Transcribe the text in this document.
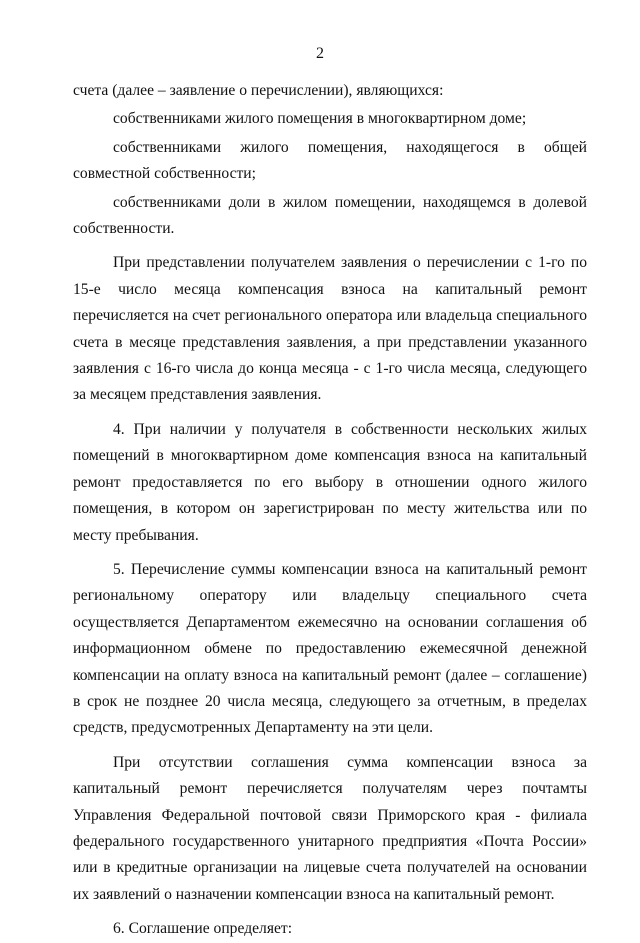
2

счета (далее – заявление о перечислении), являющихся:

собственниками жилого помещения в многоквартирном доме;

собственниками жилого помещения, находящегося в общей совместной собственности;

собственниками доли в жилом помещении, находящемся в долевой собственности.

При представлении получателем заявления о перечислении с 1-го по 15-е число месяца компенсация взноса на капитальный ремонт перечисляется на счет регионального оператора или владельца специального счета в месяце представления заявления, а при представлении указанного заявления с 16-го числа до конца месяца - с 1-го числа месяца, следующего за месяцем представления заявления.

4. При наличии у получателя в собственности нескольких жилых помещений в многоквартирном доме компенсация взноса на капитальный ремонт предоставляется по его выбору в отношении одного жилого помещения, в котором он зарегистрирован по месту жительства или по месту пребывания.

5. Перечисление суммы компенсации взноса на капитальный ремонт региональному оператору или владельцу специального счета осуществляется Департаментом ежемесячно на основании соглашения об информационном обмене по предоставлению ежемесячной денежной компенсации на оплату взноса на капитальный ремонт (далее – соглашение) в срок не позднее 20 числа месяца, следующего за отчетным, в пределах средств, предусмотренных Департаменту на эти цели.

При отсутствии соглашения сумма компенсации взноса за капитальный ремонт перечисляется получателям через почтамты Управления Федеральной почтовой связи Приморского края - филиала федерального государственного унитарного предприятия «Почта России» или в кредитные организации на лицевые счета получателей на основании их заявлений о назначении компенсации взноса на капитальный ремонт.

6. Соглашение определяет:
